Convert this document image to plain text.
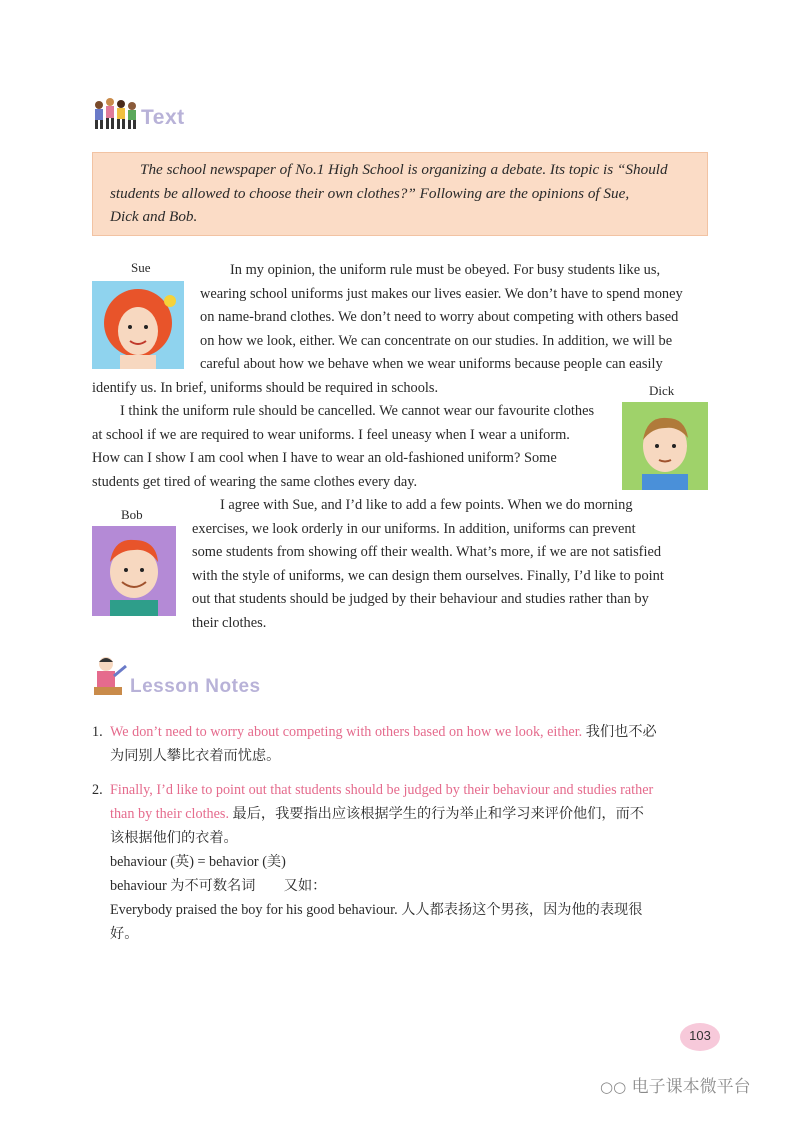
Text
The school newspaper of No.1 High School is organizing a debate. Its topic is “Should
students be allowed to choose their own clothes?” Following are the opinions of Sue,
Dick and Bob.
Sue	In my opinion, the uniform rule must be obeyed. For busy students like us,
wearing school uniforms just makes our lives easier. We don’t have to spend money
on name-brand clothes. We don’t need to worry about competing with others based
on how we look, either. We can concentrate on our studies. In addition, we will be
careful about how we behave when we wear uniforms because people can easily
identify us. In brief, uniforms should be required in schools.	Dick
I think the uniform rule should be cancelled. We cannot wear our favourite clothes
at school if we are required to wear uniforms. I feel uneasy when I wear a uniform.
How can I show I am cool when I have to wear an old-fashioned uniform? Some
students get tired of wearing the same clothes every day.
Bob
I agree with Sue, and I’d like to add a few points. When we do morning
exercises, we look orderly in our uniforms. In addition, uniforms can prevent
some students from showing off their wealth. What’s more, if we are not satisfied
with the style of uniforms, we can design them ourselves. Finally, I’d like to point
out that students should be judged by their behaviour and studies rather than by
their clothes.
Lesson Notes
1. We don’t need to worry about competing with others based on how we look, either. 我们也不必
为同别人攀比衣着而忧虑。
2. Finally, I’d like to point out that students should be judged by their behaviour and studies rather
than by their clothes. 最后，我要指出应该根据学生的行为举止和学习来评价他们，而不
该根据他们的衣着。
behaviour (英) = behavior (美)
behaviour 为不可数名词　　又如：
Everybody praised the boy for his good behaviour. 人人都表扬这个男孩，因为他的表现很
好。
103
○○ 电子课本微平台
